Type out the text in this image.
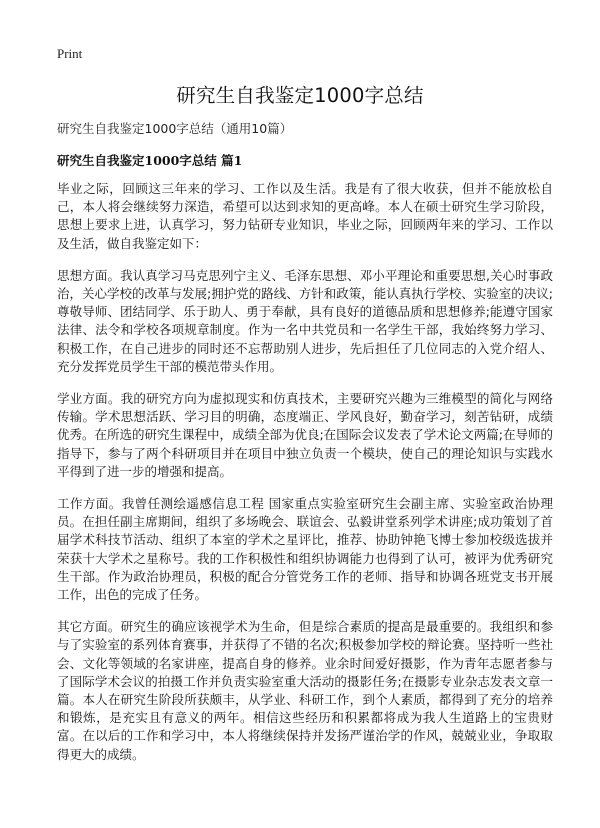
Print
研究生自我鉴定1000字总结
研究生自我鉴定1000字总结（通用10篇）
研究生自我鉴定1000字总结 篇1

毕业之际，回顾这三年来的学习、工作以及生活。我是有了很大收获，但并不能放松自己，本人将会继续努力深造，希望可以达到求知的更高峰。本人在硕士研究生学习阶段，思想上要求上进，认真学习，努力钻研专业知识，毕业之际，回顾两年来的学习、工作以及生活，做自我鉴定如下：

思想方面。我认真学习马克思列宁主义、毛泽东思想、邓小平理论和重要思想,关心时事政治，关心学校的改革与发展;拥护党的路线、方针和政策，能认真执行学校、实验室的决议;尊敬导师、团结同学、乐于助人、勇于奉献，具有良好的道德品质和思想修养;能遵守国家法律、法令和学校各项规章制度。作为一名中共党员和一名学生干部，我始终努力学习、积极工作，在自己进步的同时还不忘帮助别人进步，先后担任了几位同志的入党介绍人、充分发挥党员学生干部的模范带头作用。

学业方面。我的研究方向为虚拟现实和仿真技术，主要研究兴趣为三维模型的简化与网络传输。学术思想活跃、学习目的明确，态度端正、学风良好，勤奋学习，刻苦钻研，成绩优秀。在所选的研究生课程中，成绩全部为优良;在国际会议发表了学术论文两篇;在导师的指导下，参与了两个科研项目并在项目中独立负责一个模块，使自己的理论知识与实践水平得到了进一步的增强和提高。

工作方面。我曾任测绘遥感信息工程 国家重点实验室研究生会副主席、实验室政治协理员。在担任副主席期间，组织了多场晚会、联谊会、弘毅讲堂系列学术讲座;成功策划了首届学术科技节活动、组织了本室的学术之星评比，推荐、协助钟艳飞博士参加校级选拔并荣获十大学术之星称号。我的工作积极性和组织协调能力也得到了认可，被评为优秀研究生干部。作为政治协理员，积极的配合分管党务工作的老师、指导和协调各班党支书开展工作，出色的完成了任务。

其它方面。研究生的确应该视学术为生命，但是综合素质的提高是最重要的。我组织和参与了实验室的系列体育赛事，并获得了不错的名次;积极参加学校的辩论赛。坚持听一些社会、文化等领域的名家讲座，提高自身的修养。业余时间爱好摄影，作为青年志愿者参与了国际学术会议的拍摄工作并负责实验室重大活动的摄影任务;在摄影专业杂志发表文章一篇。本人在研究生阶段所获颇丰，从学业、科研工作，到个人素质，都得到了充分的培养和锻炼，是充实且有意义的两年。相信这些经历和积累都将成为我人生道路上的宝贵财富。在以后的工作和学习中，本人将继续保持并发扬严谨治学的作风，兢兢业业，争取取得更大的成绩。
